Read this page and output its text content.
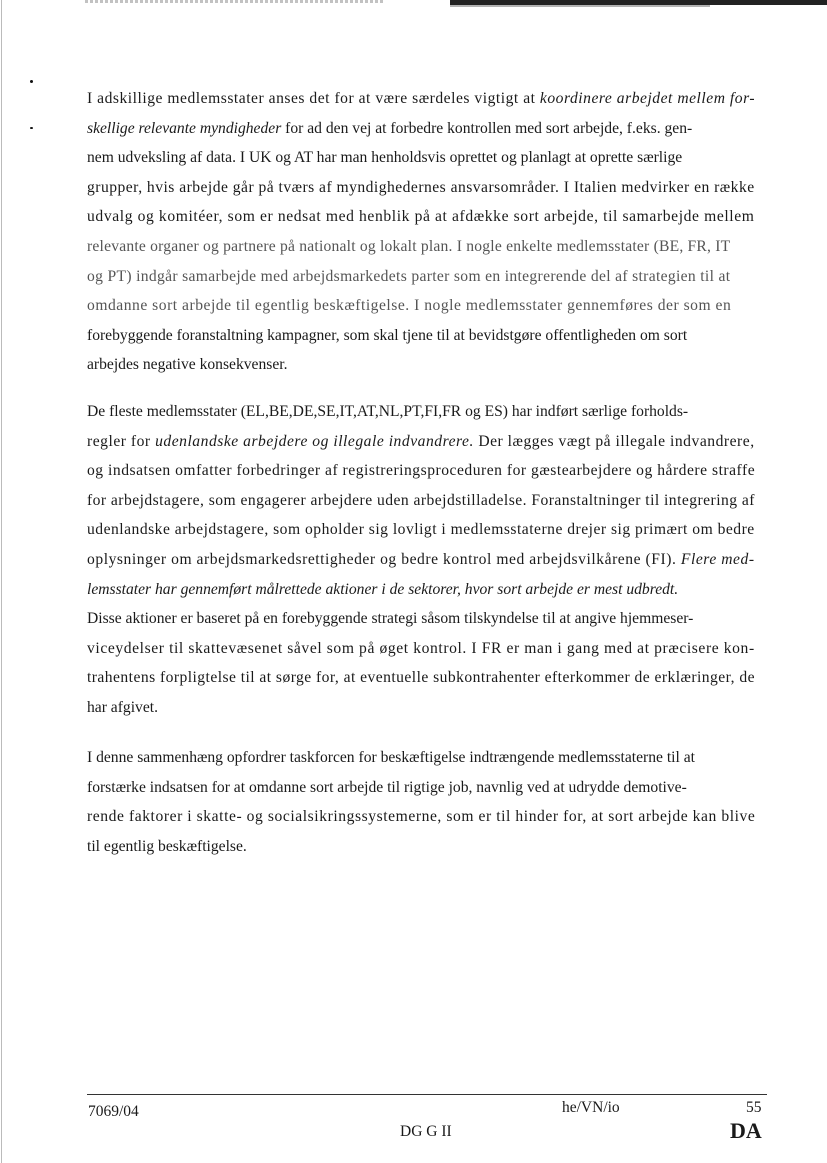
I adskillige medlemsstater anses det for at være særdeles vigtigt at koordinere arbejdet mellem for-
skellige relevante myndigheder for ad den vej at forbedre kontrollen med sort arbejde, f.eks. gen-
nem udveksling af data. I UK og AT har man henholdsvis oprettet og planlagt at oprette særlige
grupper, hvis arbejde går på tværs af myndighedernes ansvarsområder. I Italien medvirker en række
udvalg og komitéer, som er nedsat med henblik på at afdække sort arbejde, til samarbejde mellem
relevante organer og partnere på nationalt og lokalt plan. I nogle enkelte medlemsstater (BE, FR, IT
og PT) indgår samarbejde med arbejdsmarkedets parter som en integrerende del af strategien til at
omdanne sort arbejde til egentlig beskæftigelse. I nogle medlemsstater gennemføres der som en
forebyggende foranstaltning kampagner, som skal tjene til at bevidstgøre offentligheden om sort
arbejdes negative konsekvenser.
De fleste medlemsstater (EL,BE,DE,SE,IT,AT,NL,PT,FI,FR og ES) har indført særlige forholds-
regler for udenlandske arbejdere og illegale indvandrere. Der lægges vægt på illegale indvandrere,
og indsatsen omfatter forbedringer af registreringsproceduren for gæstearbejdere og hårdere straffe
for arbejdstagere, som engagerer arbejdere uden arbejdstilladelse. Foranstaltninger til integrering af
udenlandske arbejdstagere, som opholder sig lovligt i medlemsstaterne drejer sig primært om bedre
oplysninger om arbejdsmarkedsrettigheder og bedre kontrol med arbejdsvilkårene (FI). Flere med-
lemsstater har gennemført målrettede aktioner i de sektorer, hvor sort arbejde er mest udbredt.
Disse aktioner er baseret på en forebyggende strategi såsom tilskyndelse til at angive hjemmeser-
viceydelser til skattevæsenet såvel som på øget kontrol. I FR er man i gang med at præcisere kon-
trahentens forpligtelse til at sørge for, at eventuelle subkontrahenter efterkommer de erklæringer, de
har afgivet.
I denne sammenhæng opfordrer taskforcen for beskæftigelse indtrængende medlemsstaterne til at
forstærke indsatsen for at omdanne sort arbejde til rigtige job, navnlig ved at udrydde demotive-
rende faktorer i skatte- og socialsikringssystemerne, som er til hinder for, at sort arbejde kan blive
til egentlig beskæftigelse.
7069/04	he/VN/io	55
DG G II	DA
